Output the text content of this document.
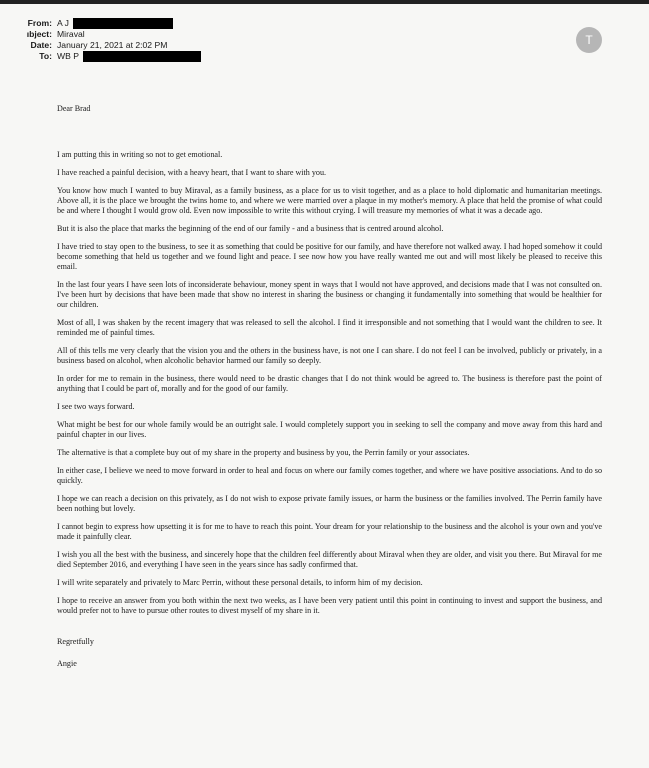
From: A J
ıbject: Miraval
Date: January 21, 2021 at 2:02 PM
To: WB P
T

Dear Brad

I am putting this in writing so not to get emotional.

I have reached a painful decision, with a heavy heart, that I want to share with you.

You know how much I wanted to buy Miraval, as a family business, as a place for us to visit together, and as a place to hold diplomatic and humanitarian meetings. Above all, it is the place we brought the twins home to, and where we were married over a plaque in my mother's memory. A place that held the promise of what could be and where I thought I would grow old. Even now impossible to write this without crying. I will treasure my memories of what it was a decade ago.

But it is also the place that marks the beginning of the end of our family - and a business that is centred around alcohol.

I have tried to stay open to the business, to see it as something that could be positive for our family, and have therefore not walked away. I had hoped somehow it could become something that held us together and we found light and peace. I see now how you have really wanted me out and will most likely be pleased to receive this email.

In the last four years I have seen lots of inconsiderate behaviour, money spent in ways that I would not have approved, and decisions made that I was not consulted on. I've been hurt by decisions that have been made that show no interest in sharing the business or changing it fundamentally into something that would be healthier for our children.

Most of all, I was shaken by the recent imagery that was released to sell the alcohol. I find it irresponsible and not something that I would want the children to see. It reminded me of painful times.

All of this tells me very clearly that the vision you and the others in the business have, is not one I can share. I do not feel I can be involved, publicly or privately, in a business based on alcohol, when alcoholic behavior harmed our family so deeply.

In order for me to remain in the business, there would need to be drastic changes that I do not think would be agreed to. The business is therefore past the point of anything that I could be part of, morally and for the good of our family.

I see two ways forward.

What might be best for our whole family would be an outright sale. I would completely support you in seeking to sell the company and move away from this hard and painful chapter in our lives.

The alternative is that a complete buy out of my share in the property and business by you, the Perrin family or your associates.

In either case, I believe we need to move forward in order to heal and focus on where our family comes together, and where we have positive associations. And to do so quickly.

I hope we can reach a decision on this privately, as I do not wish to expose private family issues, or harm the business or the families involved. The Perrin family have been nothing but lovely.

I cannot begin to express how upsetting it is for me to have to reach this point. Your dream for your relationship to the business and the alcohol is your own and you've made it painfully clear.

I wish you all the best with the business, and sincerely hope that the children feel differently about Miraval when they are older, and visit you there. But Miraval for me died September 2016, and everything I have seen in the years since has sadly confirmed that.

I will write separately and privately to Marc Perrin, without these personal details, to inform him of my decision.

I hope to receive an answer from you both within the next two weeks, as I have been very patient until this point in continuing to invest and support the business, and would prefer not to have to pursue other routes to divest myself of my share in it.

Regretfully

Angie
